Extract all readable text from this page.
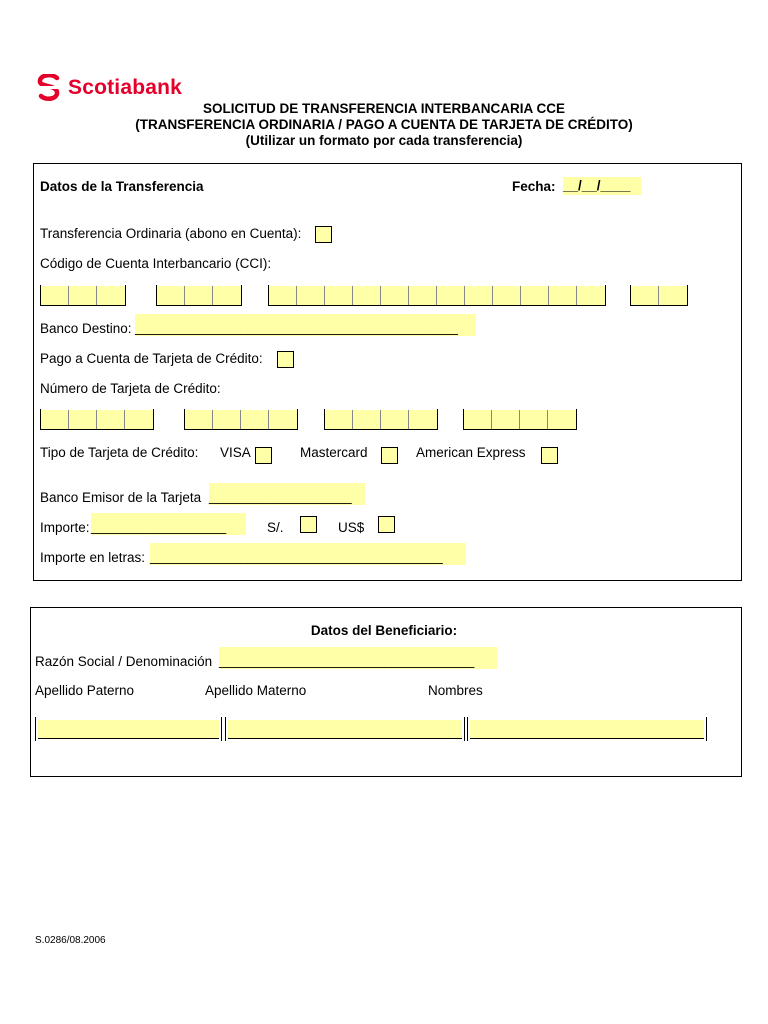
Scotiabank
SOLICITUD DE TRANSFERENCIA INTERBANCARIA CCE
(TRANSFERENCIA ORDINARIA / PAGO A CUENTA DE TARJETA DE CRÉDITO)
(Utilizar un formato por cada transferencia)
Datos de la Transferencia	Fecha: __/__/____
Transferencia Ordinaria (abono en Cuenta):
Código de Cuenta Interbancario (CCI):
Banco Destino: ___________________________________________
Pago a Cuenta de Tarjeta de Crédito:
Número de Tarjeta de Crédito:
Tipo de Tarjeta de Crédito: VISA	Mastercard	American Express
Banco Emisor de la Tarjeta ___________________
Importe: __________________	S/.	US$
Importe en letras: _______________________________________
Datos del Beneficiario:
Razón Social / Denominación __________________________________
Apellido Paterno	Apellido Materno	Nombres
S.0286/08.2006
